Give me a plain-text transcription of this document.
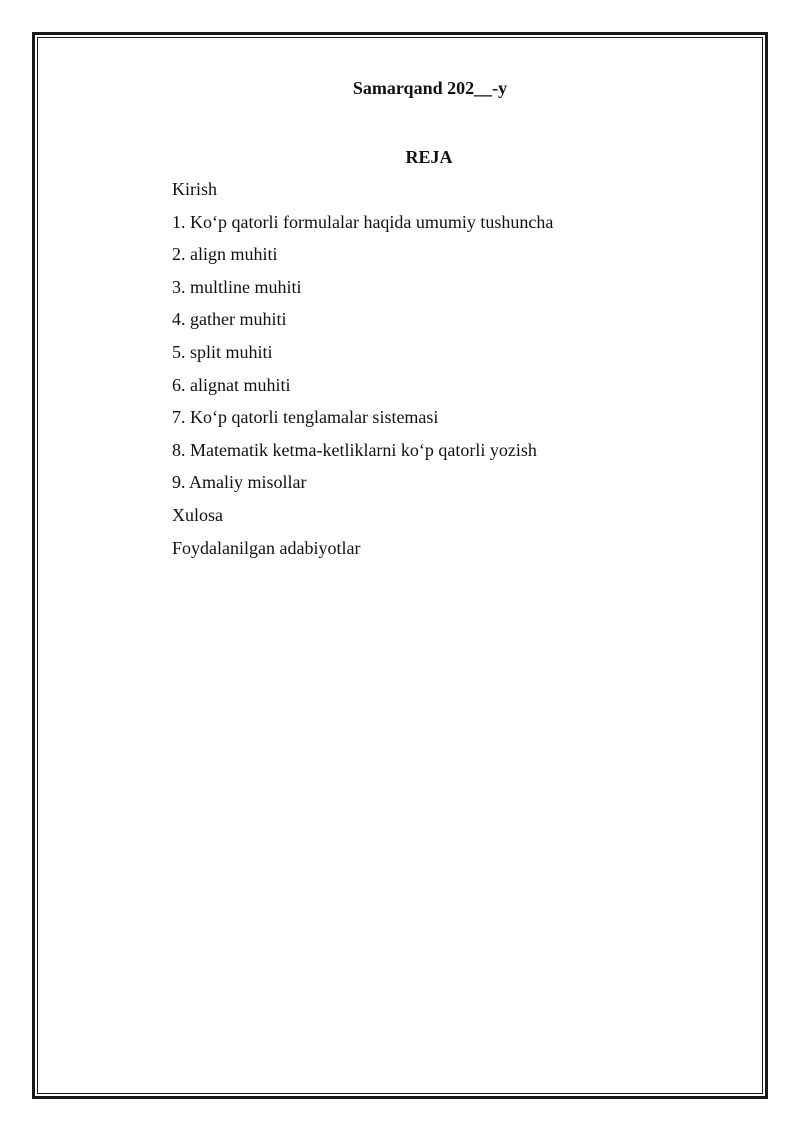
Samarqand 202__-y
REJA
Kirish
1. Ko‘p qatorli formulalar haqida umumiy tushuncha
2. align muhiti
3. multline muhiti
4. gather muhiti
5. split muhiti
6. alignat muhiti
7. Ko‘p qatorli tenglamalar sistemasi
8. Matematik ketma-ketliklarni ko‘p qatorli yozish
9. Amaliy misollar
Xulosa
Foydalanilgan adabiyotlar
